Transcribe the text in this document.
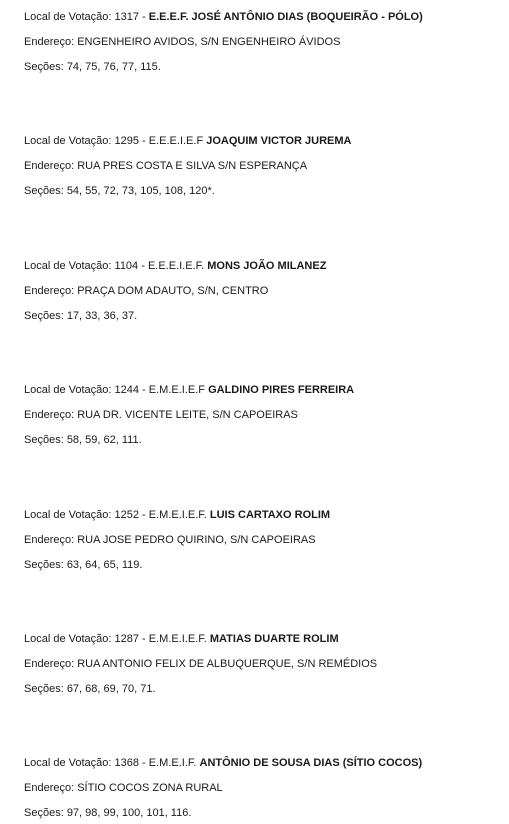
Local de Votação: 1317 - E.E.E.F. JOSÉ ANTÔNIO DIAS (BOQUEIRÃO - PÓLO)
Endereço: ENGENHEIRO AVIDOS, S/N ENGENHEIRO ÁVIDOS
Seções: 74, 75, 76, 77, 115.
Local de Votação: 1295 - E.E.E.I.E.F JOAQUIM VICTOR JUREMA
Endereço: RUA PRES COSTA E SILVA S/N ESPERANÇA
Seções: 54, 55, 72, 73, 105, 108, 120*.
Local de Votação: 1104 - E.E.E.I.E.F. MONS JOÃO MILANEZ
Endereço: PRAÇA DOM ADAUTO, S/N, CENTRO
Seções: 17, 33, 36, 37.
Local de Votação: 1244 - E.M.E.I.E.F GALDINO PIRES FERREIRA
Endereço: RUA DR. VICENTE LEITE, S/N CAPOEIRAS
Seções: 58, 59, 62, 111.
Local de Votação: 1252 - E.M.E.I.E.F. LUIS CARTAXO ROLIM
Endereço: RUA JOSE PEDRO QUIRINO, S/N CAPOEIRAS
Seções: 63, 64, 65, 119.
Local de Votação: 1287 - E.M.E.I.E.F. MATIAS DUARTE ROLIM
Endereço: RUA ANTONIO FELIX DE ALBUQUERQUE, S/N REMÉDIOS
Seções: 67, 68, 69, 70, 71.
Local de Votação: 1368 - E.M.E.I.F. ANTÔNIO DE SOUSA DIAS (SÍTIO COCOS)
Endereço: SÍTIO COCOS ZONA RURAL
Seções: 97, 98, 99, 100, 101, 116.
